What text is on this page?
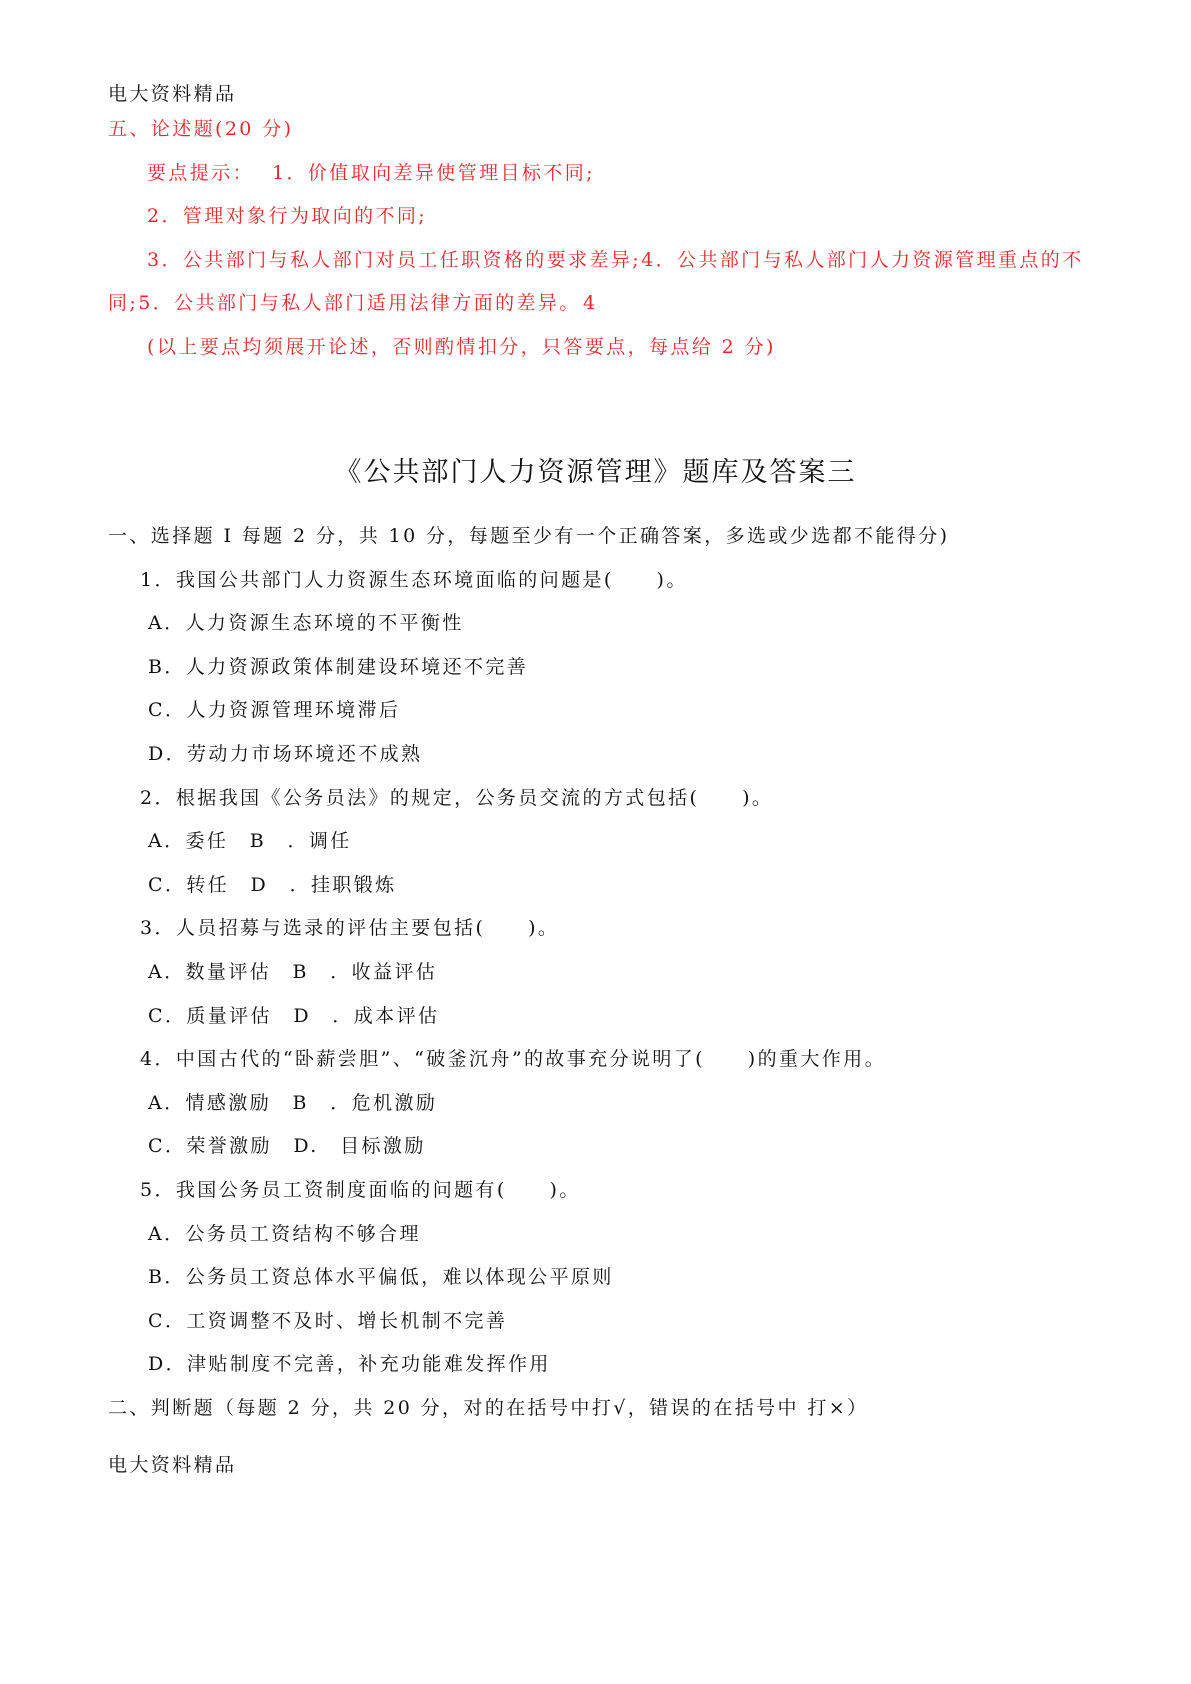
电大资料精品
五、论述题(20 分)
要点提示： 1．价值取向差异使管理目标不同;
2．管理对象行为取向的不同;
3．公共部门与私人部门对员工任职资格的要求差异;4．公共部门与私人部门人力资源管理重点的不
同;5．公共部门与私人部门适用法律方面的差异。 4
(以上要点均须展开论述，否则酌情扣分，只答要点，每点给 2 分)
《公共部门人力资源管理》题库及答案三
一、选择题 I 每题 2 分，共 10 分，每题至少有一个正确答案，多选或少选都不能得分)
1．我国公共部门人力资源生态环境面临的问题是(　　)。
A．人力资源生态环境的不平衡性
B．人力资源政策体制建设环境还不完善
C．人力资源管理环境滞后
D．劳动力市场环境还不成熟
2．根据我国《公务员法》的规定，公务员交流的方式包括(　　)。
A．委任　B　．调任
C．转任　D　．挂职锻炼
3．人员招募与选录的评估主要包括(　　)。
A．数量评估　B　．收益评估
C．质量评估　D　．成本评估
4．中国古代的“卧薪尝胆”、“破釜沉舟”的故事充分说明了(　　)的重大作用。
A．情感激励　B　．危机激励
C．荣誉激励　D.　目标激励
5．我国公务员工资制度面临的问题有(　　)。
A．公务员工资结构不够合理
B．公务员工资总体水平偏低，难以体现公平原则
C．工资调整不及时、增长机制不完善
D．津贴制度不完善，补充功能难发挥作用
二、判断题（每题 2 分，共 20 分，对的在括号中打√，错误的在括号中 打×）
电大资料精品
